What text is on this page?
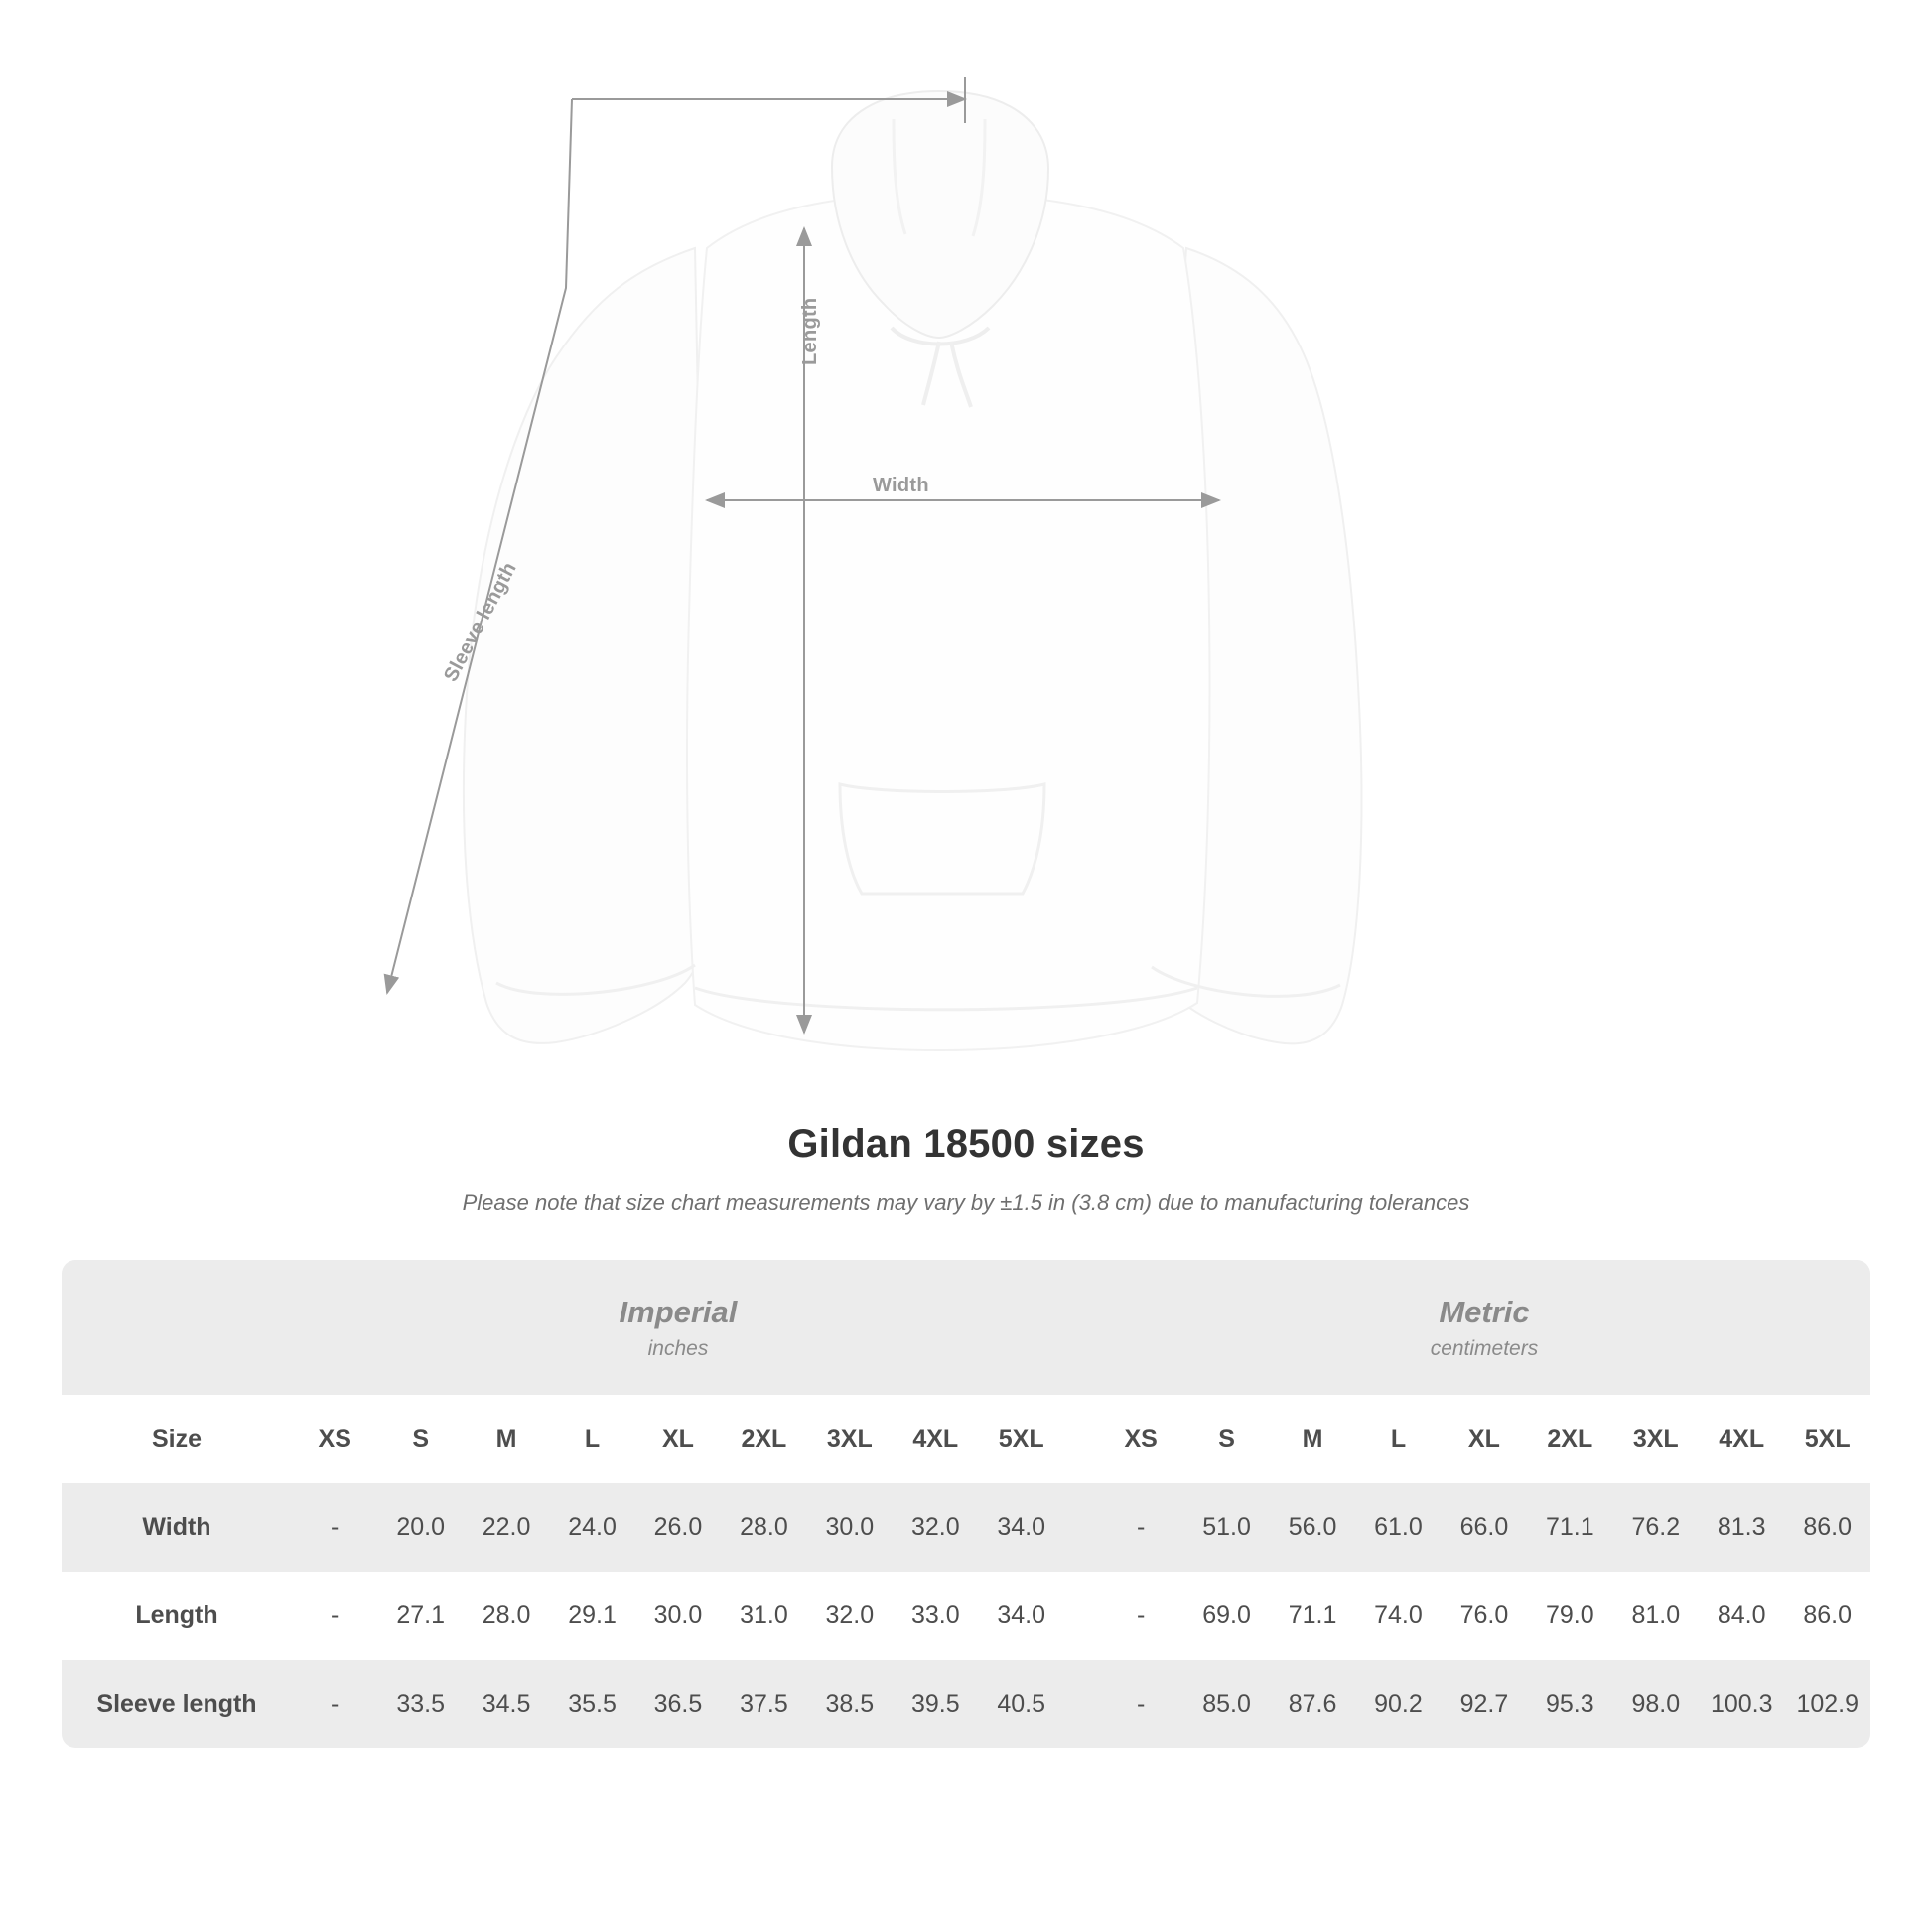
Length
Width
Sleeve length
Gildan 18500 sizes
Please note that size chart measurements may vary by ±1.5 in (3.8 cm) due to manufacturing tolerances

Imperial
inches

Metric
centimeters

Size	XS	S	M	L	XL	2XL	3XL	4XL	5XL		XS	S	M	L	XL	2XL	3XL	4XL	5XL
Width	-	20.0	22.0	24.0	26.0	28.0	30.0	32.0	34.0		-	51.0	56.0	61.0	66.0	71.1	76.2	81.3	86.0
Length	-	27.1	28.0	29.1	30.0	31.0	32.0	33.0	34.0		-	69.0	71.1	74.0	76.0	79.0	81.0	84.0	86.0
Sleeve length	-	33.5	34.5	35.5	36.5	37.5	38.5	39.5	40.5		-	85.0	87.6	90.2	92.7	95.3	98.0	100.3	102.9
